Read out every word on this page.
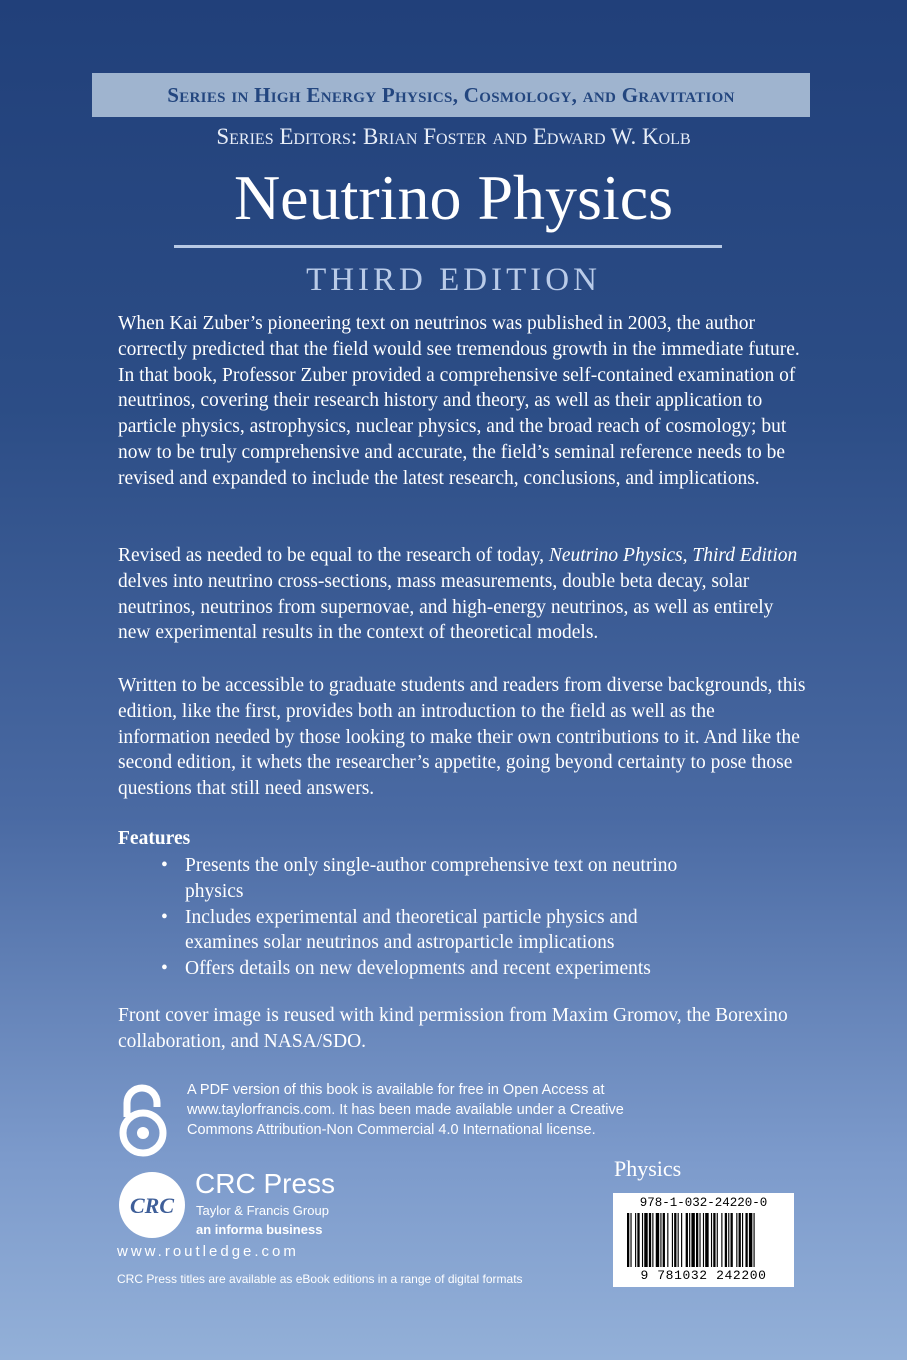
Series in High Energy Physics, Cosmology, and Gravitation
Series Editors: Brian Foster and Edward W. Kolb
Neutrino Physics
THIRD EDITION

When Kai Zuber’s pioneering text on neutrinos was published in 2003, the author correctly predicted that the field would see tremendous growth in the immediate future. In that book, Professor Zuber provided a comprehensive self-contained examination of neutrinos, covering their research history and theory, as well as their application to particle physics, astrophysics, nuclear physics, and the broad reach of cosmology; but now to be truly comprehensive and accurate, the field’s seminal reference needs to be revised and expanded to include the latest research, conclusions, and implications.

Revised as needed to be equal to the research of today, Neutrino Physics, Third Edition delves into neutrino cross-sections, mass measurements, double beta decay, solar neutrinos, neutrinos from supernovae, and high-energy neutrinos, as well as entirely new experimental results in the context of theoretical models.

Written to be accessible to graduate students and readers from diverse backgrounds, this edition, like the first, provides both an introduction to the field as well as the information needed by those looking to make their own contributions to it. And like the second edition, it whets the researcher’s appetite, going beyond certainty to pose those questions that still need answers.

Features
• Presents the only single-author comprehensive text on neutrino physics
• Includes experimental and theoretical particle physics and examines solar neutrinos and astroparticle implications
• Offers details on new developments and recent experiments

Front cover image is reused with kind permission from Maxim Gromov, the Borexino collaboration, and NASA/SDO.

A PDF version of this book is available for free in Open Access at www.taylorfrancis.com. It has been made available under a Creative Commons Attribution-Non Commercial 4.0 International license.
CRC
CRC Press
Taylor & Francis Group
an informa business
www.routledge.com
CRC Press titles are available as eBook editions in a range of digital formats
Physics
978-1-032-24220-0
9 781032 242200
